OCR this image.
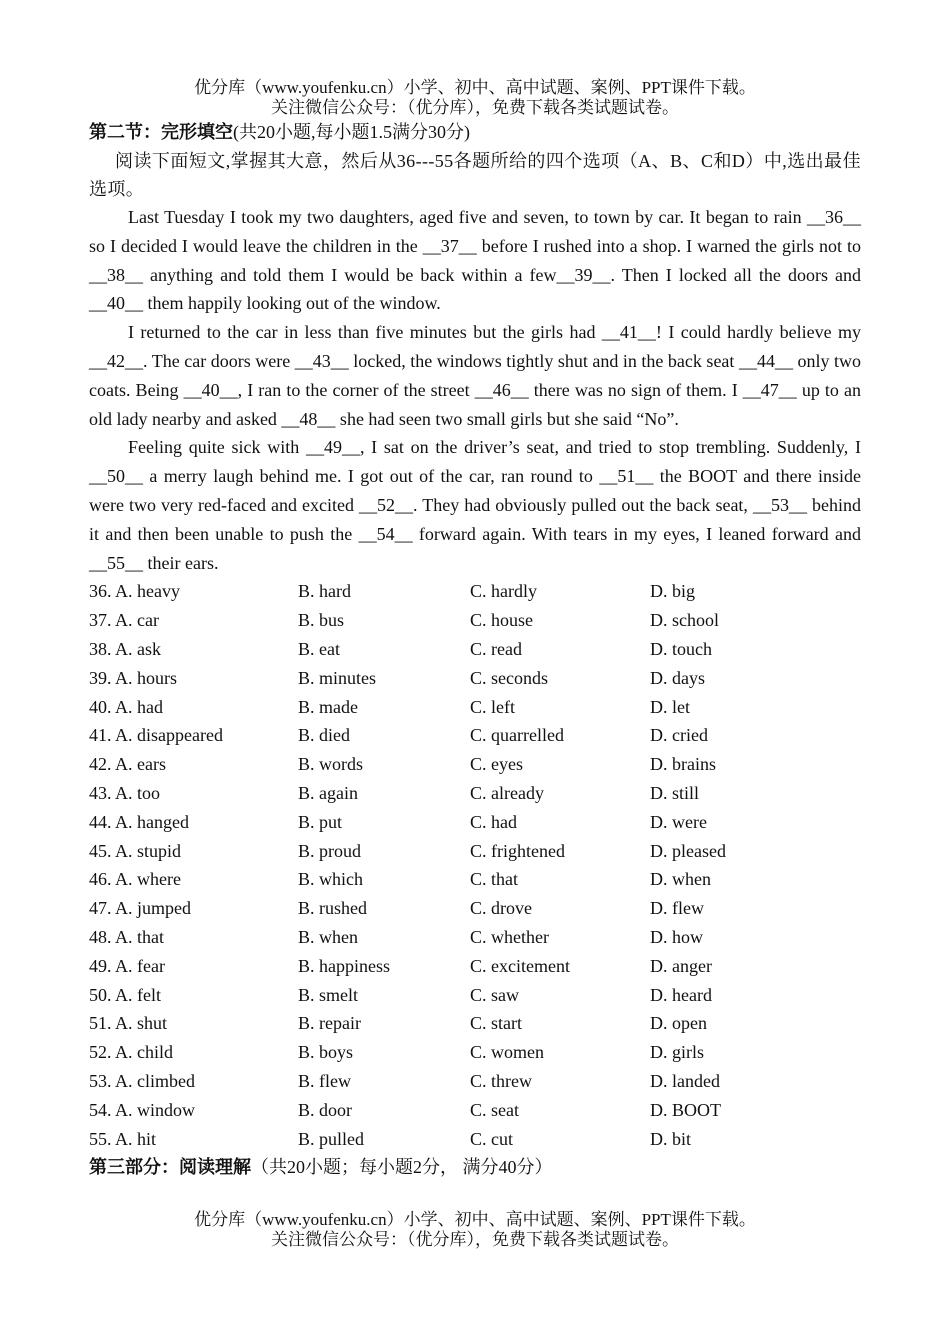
优分库（www.youfenku.cn）小学、初中、高中试题、案例、PPT课件下载。
关注微信公众号：（优分库），免费下载各类试题试卷。
第二节：完形填空(共20小题,每小题1.5满分30分)
阅读下面短文,掌握其大意，然后从36---55各题所给的四个选项（A、B、C和D）中,选出最佳选项。

Last Tuesday I took my two daughters, aged five and seven, to town by car. It began to rain __36__ so I decided I would leave the children in the __37__ before I rushed into a shop. I warned the girls not to __38__ anything and told them I would be back within a few__39__. Then I locked all the doors and __40__ them happily looking out of the window.

I returned to the car in less than five minutes but the girls had __41__! I could hardly believe my __42__. The car doors were __43__ locked, the windows tightly shut and in the back seat __44__ only two coats. Being __40__, I ran to the corner of the street __46__ there was no sign of them. I __47__ up to an old lady nearby and asked __48__ she had seen two small girls but she said “No”.

Feeling quite sick with __49__, I sat on the driver’s seat, and tried to stop trembling. Suddenly, I __50__ a merry laugh behind me. I got out of the car, ran round to __51__ the BOOT and there inside were two very red-faced and excited __52__. They had obviously pulled out the back seat, __53__ behind it and then been unable to push the __54__ forward again. With tears in my eyes, I leaned forward and __55__ their ears.

36. A. heavy	B. hard	C. hardly	D. big
37. A. car	B. bus	C. house	D. school
38. A. ask	B. eat	C. read	D. touch
39. A. hours	B. minutes	C. seconds	D. days
40. A. had	B. made	C. left	D. let
41. A. disappeared	B. died	C. quarrelled	D. cried
42. A. ears	B. words	C. eyes	D. brains
43. A. too	B. again	C. already	D. still
44. A. hanged	B. put	C. had	D. were
45. A. stupid	B. proud	C. frightened	D. pleased
46. A. where	B. which	C. that	D. when
47. A. jumped	B. rushed	C. drove	D. flew
48. A. that	B. when	C. whether	D. how
49. A. fear	B. happiness	C. excitement	D. anger
50. A. felt	B. smelt	C. saw	D. heard
51. A. shut	B. repair	C. start	D. open
52. A. child	B. boys	C. women	D. girls
53. A. climbed	B. flew	C. threw	D. landed
54. A. window	B. door	C. seat	D. BOOT
55. A. hit	B. pulled	C. cut	D. bit
第三部分：阅读理解（共20小题；每小题2分， 满分40分）
优分库（www.youfenku.cn）小学、初中、高中试题、案例、PPT课件下载。
关注微信公众号：（优分库），免费下载各类试题试卷。
